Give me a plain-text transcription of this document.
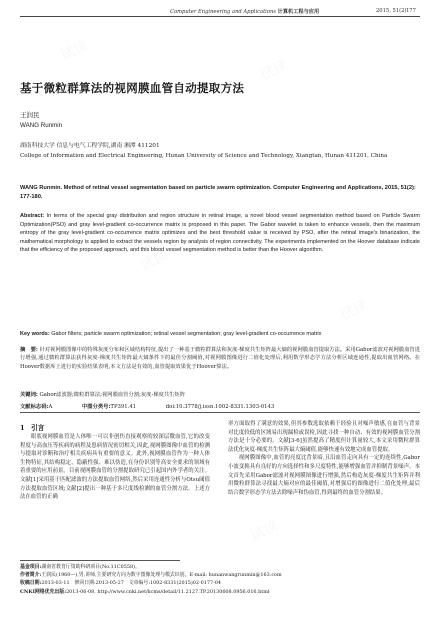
Computer Engineering and Applications 计算机工程与应用	2015, 51(2) 177
基于微粒群算法的视网膜血管自动提取方法
王润民
WANG Runmin
湖南科技大学 信息与电气工程学院,湖南 湘潭 411201
College of Information and Electrical Engineering, Hunan University of Science and Technology, Xiangtan, Hunan 411201, China
WANG Runmin. Method of retinal vessel segmentation based on particle swarm optimization. Computer Engineering and Applications, 2015, 51(2): 177-180.
Abstract: In terms of the special gray distribution and region structure in retinal image, a novel blood vessel segmentation method based on Particle Swarm Optimization(PSO) and gray level-gradient co-occurrence matrix is proposed in this paper. The Gabor wavelet is taken to enhance vessels, then the maximum entropy of the gray level-gradient co-occurrence matrix optimizes and the best threshold value is received by PSO, after the retinal image's binarization, the mathematical morphology is applied to extract the vessels region by analysis of region connectivity. The experiments implemented on the Hoover database indicate that the efficiency of the proposed approach, and this blood vessel segmentation method is better than the Hoover algorithm.
Key words: Gabor filters; particle swarm optimization; retinal vessel segmentation; gray level-gradient co-occurrence matrix
摘　要: 针对视网膜图像中的特殊灰度分布和区域结构特征,提出了一种基于微粒群算法和灰度-梯度共生矩阵最大熵的视网膜血管提取方法。采用Gabor滤波对视网膜血管进行增强,通过微粒群算法获得灰度-梯度共生矩阵最大熵条件下的最佳分割阈值,对视网膜图像进行二值化处理后,利用数学形态学方法分析区域连通性,提取出血管网络。在Hoover数据库上进行的实验结果表明,本文方法是有效的,血管提取效果优于Hoover算法。
关键词: Gabor滤波器;微粒群算法;视网膜血管分割;灰度-梯度共生矩阵
文献标志码:A	中图分类号:TP391.41	doi:10.3778/j.issn.1002-8331.1303-0143
1　引言

眼底视网膜血管是人体唯一可以非创伤直接观察的较深层微血管,它的改变程度与高血压等疾病的病程及患病情况密切相关,因此,视网膜图像中血管的检测与提取对诊断和治疗相关疾病具有重要的意义。此外,视网膜血管作为一种人体生物特征,其结构稳定、隐蔽性强、难以伪造,在身份识别等高安全要求的领域有着重要的应用前景。目前视网膜血管的分割提取研究已引起国内外学者的关注。文献[1]采用基于匹配滤波的方法提取血管网络,然后采用连通性分析与Otsu阈值方法提取血管区域;文献[2]提出一种基于多尺度线检测的血管分割方法。上述方法在血管的正确

率方面取得了满意的效果,但其参数选取依赖于经验且对噪声敏感,在血管与背景对比度较低的区域易出现漏检或误检,因此寻找一种自动、有效的视网膜血管分割方法是十分必要的。文献[3-6]虽然提高了精度但计算量较大,本文采用微粒群算法优化灰度-梯度共生矩阵最大熵阈值,能够快速有效地完成血管提取。

视网膜图像中,血管的亮度比背景暗,且沿血管走向具有一定的连续性,Gabor小波变换具有良好的方向选择性和多尺度特性,能够增强血管并抑制背景噪声。本文首先采用Gabor滤波对视网膜图像进行增强,然后构造灰度-梯度共生矩阵并利用微粒群算法寻找最大熵对应的最佳阈值,对增强后的图像进行二值化处理,最后结合数学形态学方法去除噪声和伪血管,得到最终的血管分割结果。

基金项目:湖南省教育厅资助科研项目(No.11C0558)。
作者简介:王润民(1960—),男,讲师,主要研究方向为数字图像处理与模式识别。E-mail: hunanwangrunmin@163.com
收稿日期:2013-03-11　修回日期:2013-05-27　文章编号:1002-8331(2015)02-0177-04
CNKI网络优先出版:2013-06-08, http://www.cnki.net/kcms/detail/11.2127.TP.20130608.0956.016.html
